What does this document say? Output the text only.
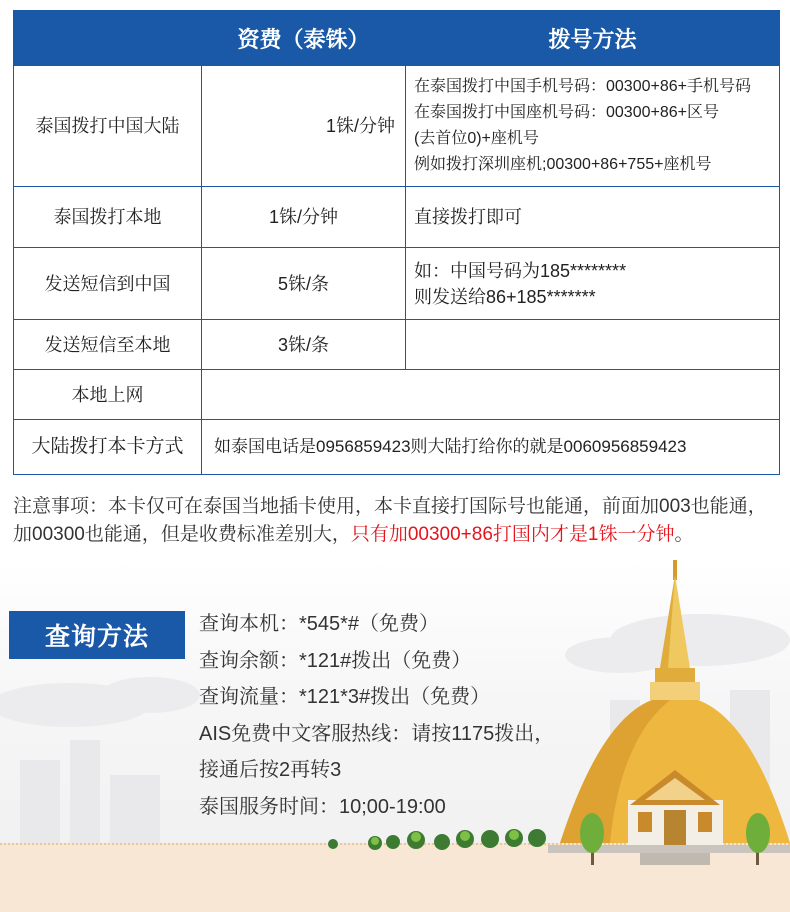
	资费（泰铢）	拨号方法
泰国拨打中国大陆	1铢/分钟	在泰国拨打中国手机号码：00300+86+手机号码
在泰国拨打中国座机号码：00300+86+区号
(去首位0)+座机号
例如拨打深圳座机;00300+86+755+座机号

泰国拨打本地	1铢/分钟	直接拨打即可
发送短信到中国	5铢/条	如：中国号码为185********
则发送给86+185*******

发送短信至本地	3铢/条	
本地上网		
大陆拨打本卡方式	如泰国电话是0956859423则大陆打给你的就是0060956859423	
注意事项：本卡仅可在泰国当地插卡使用，本卡直接打国际号也能通，前面加003也能通，加00300也能通，但是收费标准差别大，只有加00300+86打国内才是1铢一分钟。
查询方法	查询本机：*545*#（免费）
查询余额：*121#拨出（免费）
查询流量：*121*3#拨出（免费）
AIS免费中文客服热线：请按1175拨出，
接通后按2再转3
泰国服务时间：10;00-19:00
